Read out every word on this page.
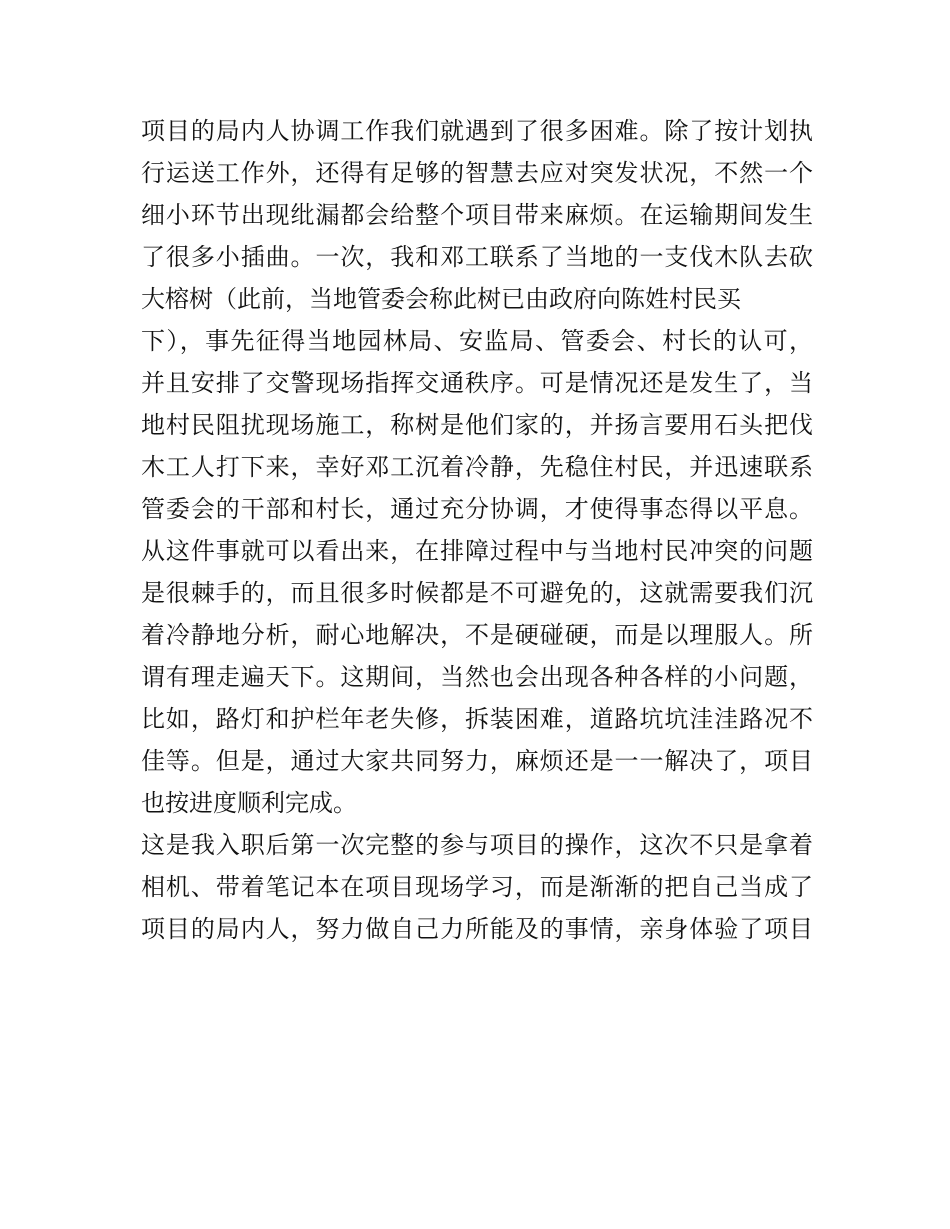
项目的局内人协调工作我们就遇到了很多困难。除了按计划执
行运送工作外，还得有足够的智慧去应对突发状况，不然一个
细小环节出现纰漏都会给整个项目带来麻烦。在运输期间发生
了很多小插曲。一次，我和邓工联系了当地的一支伐木队去砍
大榕树（此前，当地管委会称此树已由政府向陈姓村民买
下），事先征得当地园林局、安监局、管委会、村长的认可，
并且安排了交警现场指挥交通秩序。可是情况还是发生了，当
地村民阻扰现场施工，称树是他们家的，并扬言要用石头把伐
木工人打下来，幸好邓工沉着冷静，先稳住村民，并迅速联系
管委会的干部和村长，通过充分协调，才使得事态得以平息。
从这件事就可以看出来，在排障过程中与当地村民冲突的问题
是很棘手的，而且很多时候都是不可避免的，这就需要我们沉
着冷静地分析，耐心地解决，不是硬碰硬，而是以理服人。所
谓有理走遍天下。这期间，当然也会出现各种各样的小问题，
比如，路灯和护栏年老失修，拆装困难，道路坑坑洼洼路况不
佳等。但是，通过大家共同努力，麻烦还是一一解决了，项目
也按进度顺利完成。
这是我入职后第一次完整的参与项目的操作，这次不只是拿着
相机、带着笔记本在项目现场学习，而是渐渐的把自己当成了
项目的局内人，努力做自己力所能及的事情，亲身体验了项目
